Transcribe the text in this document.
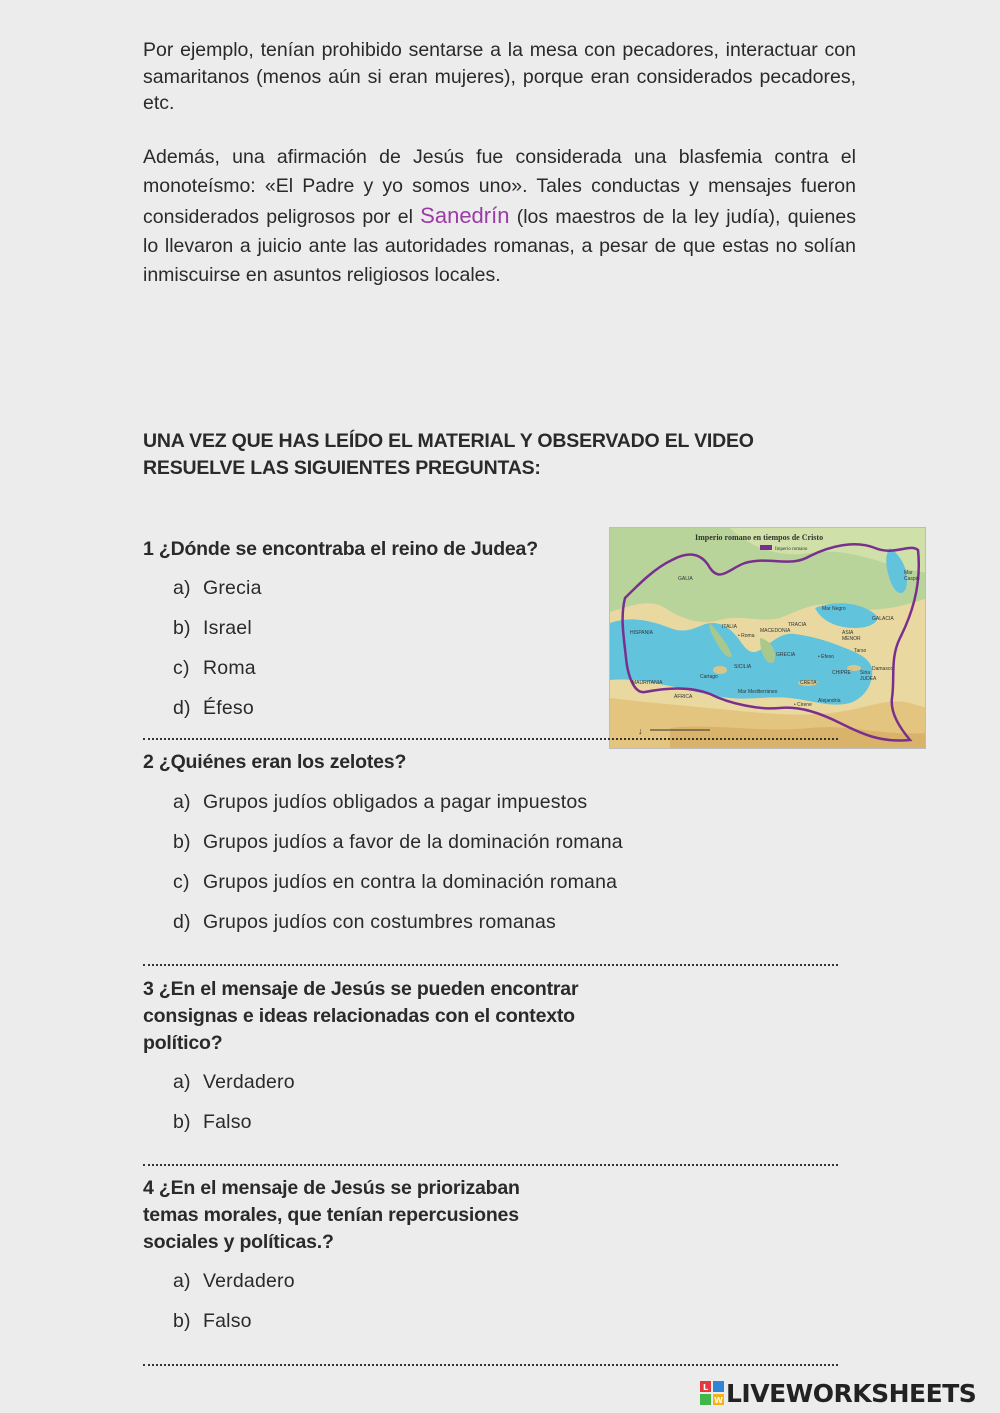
Por ejemplo, tenían prohibido sentarse a la mesa con pecadores, interactuar con samaritanos (menos aún si eran mujeres), porque eran considerados pecadores, etc.

Además, una afirmación de Jesús fue considerada una blasfemia contra el monoteísmo: «El Padre y yo somos uno». Tales conductas y mensajes fueron considerados peligrosos por el Sanedrín (los maestros de la ley judía), quienes lo llevaron a juicio ante las autoridades romanas, a pesar de que estas no solían inmiscuirse en asuntos religiosos locales.

UNA VEZ QUE HAS LEÍDO EL MATERIAL Y OBSERVADO EL VIDEO
RESUELVE LAS SIGUIENTES PREGUNTAS:
1 ¿Dónde se encontraba el reino de Judea?
a) Grecia
b) Israel
c) Roma
d) Éfeso
Imperio romano en tiempos de Cristo
Imperio romano
GALIA
HISPANIA
ITALIA
• Roma
MACEDONIA
TRACIA
GALACIA
ASIA
MENOR
Mar Negro
GRECIA	• Éfeso
SICILIA
CHIPRE Siria
JUDEA
CRETA
Cartago
MAURITANIA
ÁFRICA
Mar Mediterráneo
Alejandría
• Cirene
Damasco
Tarso
Mar
Caspio
↓
2 ¿Quiénes eran los zelotes?
a) Grupos judíos obligados a pagar impuestos
b) Grupos judíos a favor de la dominación romana
c) Grupos judíos en contra la dominación romana
d) Grupos judíos con costumbres romanas
3 ¿En el mensaje de Jesús se pueden encontrar
consignas e ideas relacionadas con el contexto
político?
a) Verdadero
b) Falso
4 ¿En el mensaje de Jesús se priorizaban
temas morales, que tenían repercusiones
sociales y políticas.?
a) Verdadero
b) Falso
L
W LIVEWORKSHEETS
